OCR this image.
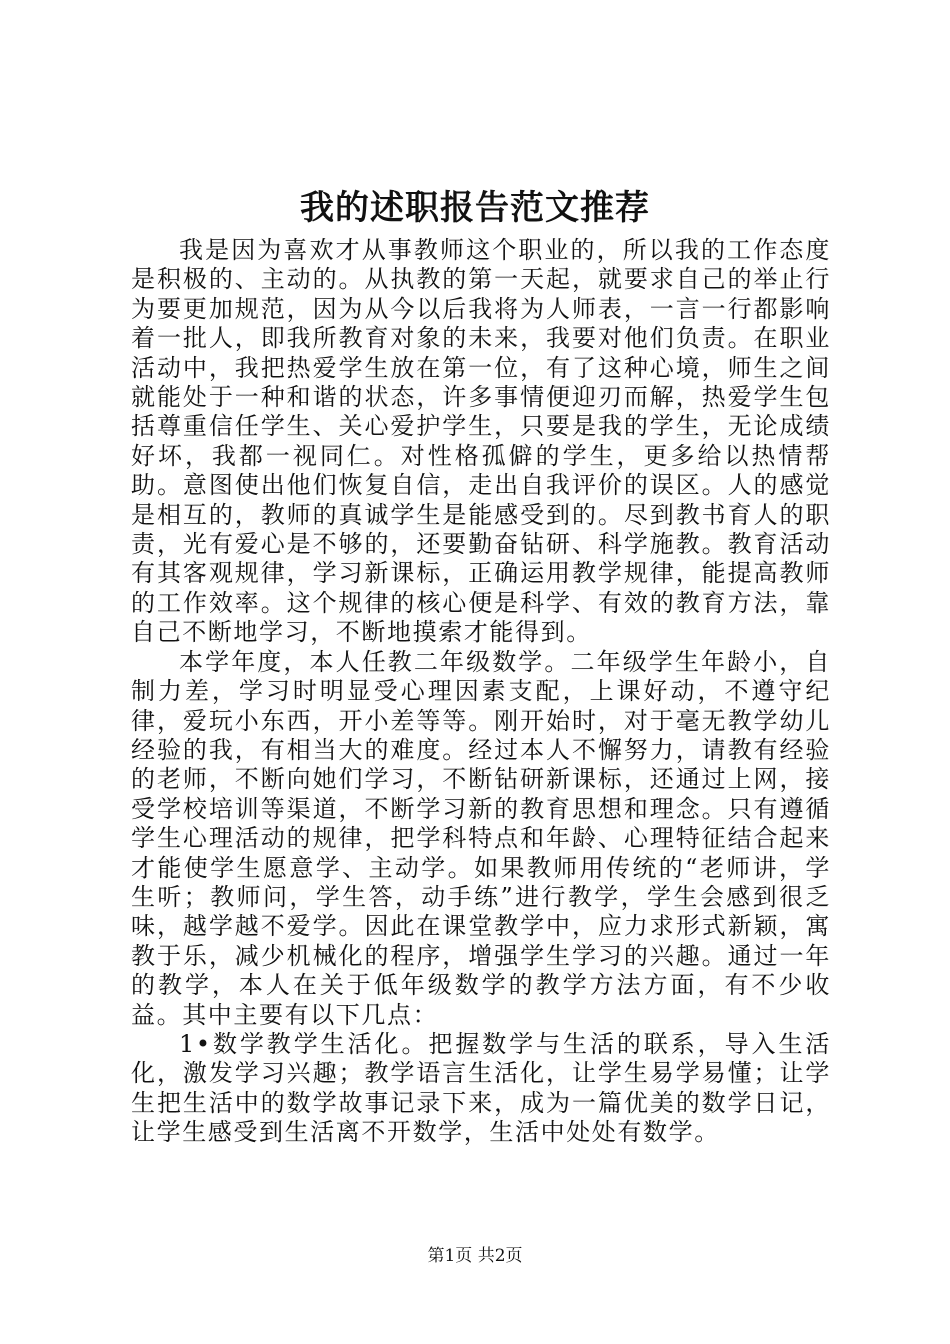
我的述职报告范文推荐

我是因为喜欢才从事教师这个职业的，所以我的工作态度是积极的、主动的。从执教的第一天起，就要求自己的举止行为要更加规范，因为从今以后我将为人师表，一言一行都影响着一批人，即我所教育对象的未来，我要对他们负责。在职业活动中，我把热爱学生放在第一位，有了这种心境，师生之间就能处于一种和谐的状态，许多事情便迎刃而解，热爱学生包括尊重信任学生、关心爱护学生，只要是我的学生，无论成绩好坏，我都一视同仁。对性格孤僻的学生，更多给以热情帮助。意图使出他们恢复自信，走出自我评价的误区。人的感觉是相互的，教师的真诚学生是能感受到的。尽到教书育人的职责，光有爱心是不够的，还要勤奋钻研、科学施教。教育活动有其客观规律，学习新课标，正确运用教学规律，能提高教师的工作效率。这个规律的核心便是科学、有效的教育方法，靠自己不断地学习，不断地摸索才能得到。

本学年度，本人任教二年级数学。二年级学生年龄小，自制力差，学习时明显受心理因素支配，上课好动，不遵守纪律，爱玩小东西，开小差等等。刚开始时，对于毫无教学幼儿经验的我，有相当大的难度。经过本人不懈努力，请教有经验的老师，不断向她们学习，不断钻研新课标，还通过上网，接受学校培训等渠道，不断学习新的教育思想和理念。只有遵循学生心理活动的规律，把学科特点和年龄、心理特征结合起来才能使学生愿意学、主动学。如果教师用传统的“老师讲，学生听；教师问，学生答，动手练”进行教学，学生会感到很乏味，越学越不爱学。因此在课堂教学中，应力求形式新颖，寓教于乐，减少机械化的程序，增强学生学习的兴趣。通过一年的教学，本人在关于低年级数学的教学方法方面，有不少收益。其中主要有以下几点：

1•数学教学生活化。把握数学与生活的联系，导入生活化，激发学习兴趣；教学语言生活化，让学生易学易懂；让学生把生活中的数学故事记录下来，成为一篇优美的数学日记，让学生感受到生活离不开数学，生活中处处有数学。

第1页 共2页
